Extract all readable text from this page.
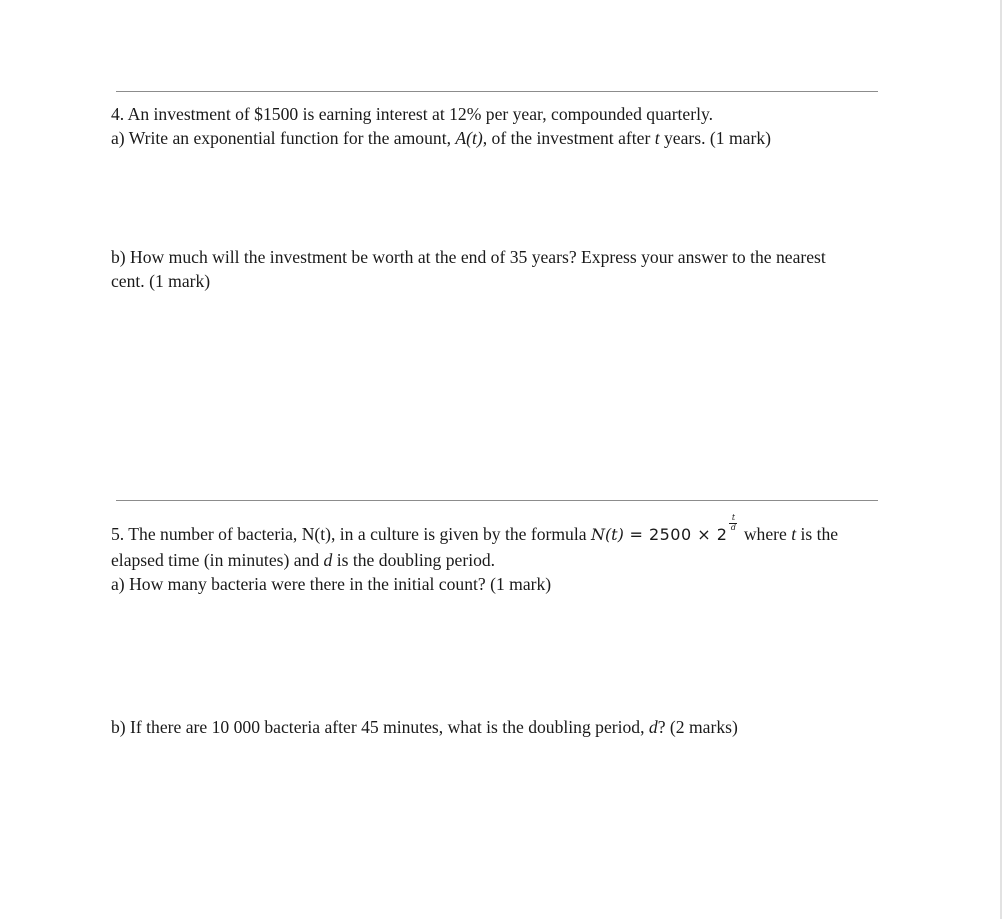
4. An investment of $1500 is earning interest at 12% per year, compounded quarterly.
a) Write an exponential function for the amount, A(t), of the investment after t years. (1 mark)
b) How much will the investment be worth at the end of 35 years? Express your answer to the nearest
cent. (1 mark)
5. The number of bacteria, N(t), in a culture is given by the formula $N(t) = 2500 \times 2 \frac{t}{d}$ where t is the
elapsed time (in minutes) and d is the doubling period.
a) How many bacteria were there in the initial count? (1 mark)
b) If there are 10 000 bacteria after 45 minutes, what is the doubling period, d? (2 marks)
